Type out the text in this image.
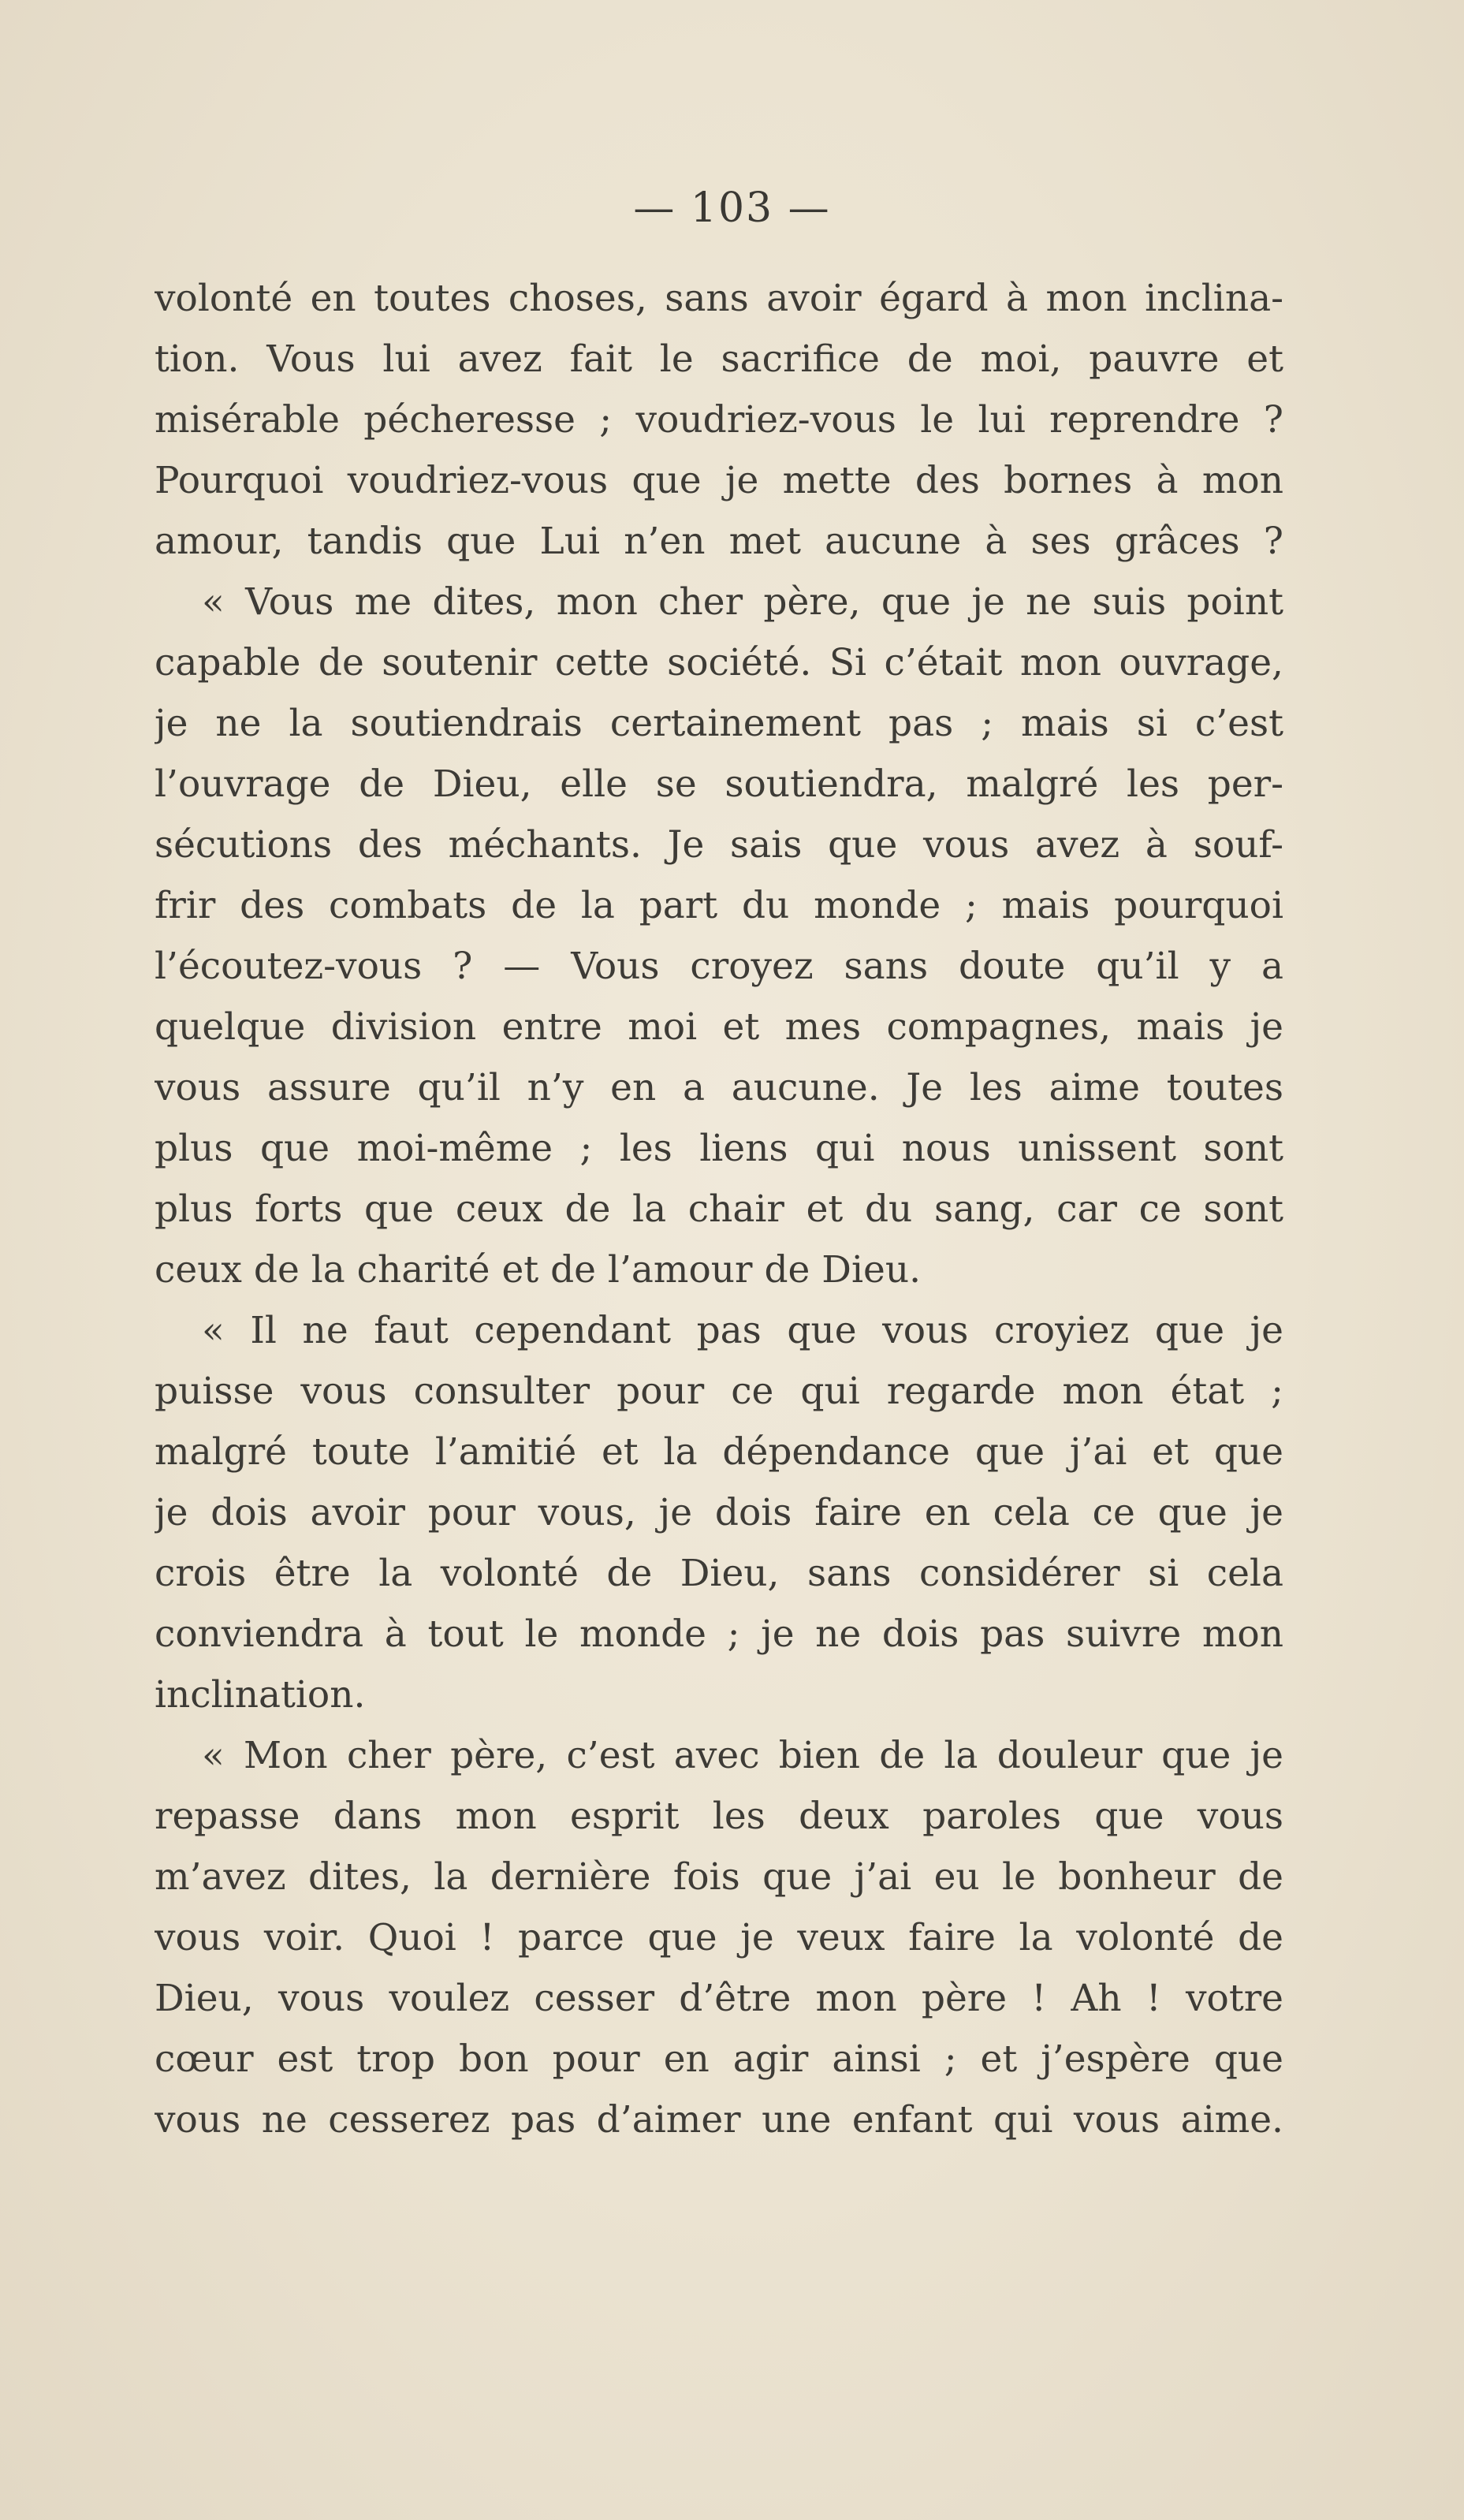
— 103 —
volonté en toutes choses, sans avoir égard à mon inclina-
tion. Vous lui avez fait le sacrifice de moi, pauvre et
misérable pécheresse ; voudriez-vous le lui reprendre ?
Pourquoi voudriez-vous que je mette des bornes à mon
amour, tandis que Lui n’en met aucune à ses grâces ?
« Vous me dites, mon cher père, que je ne suis point
capable de soutenir cette société. Si c’était mon ouvrage,
je ne la soutiendrais certainement pas ; mais si c’est
l’ouvrage de Dieu, elle se soutiendra, malgré les per-
sécutions des méchants. Je sais que vous avez à souf-
frir des combats de la part du monde ; mais pourquoi
l’écoutez-vous ? — Vous croyez sans doute qu’il y a
quelque division entre moi et mes compagnes, mais je
vous assure qu’il n’y en a aucune. Je les aime toutes
plus que moi-même ; les liens qui nous unissent sont
plus forts que ceux de la chair et du sang, car ce sont
ceux de la charité et de l’amour de Dieu.
« Il ne faut cependant pas que vous croyiez que je
puisse vous consulter pour ce qui regarde mon état ;
malgré toute l’amitié et la dépendance que j’ai et que
je dois avoir pour vous, je dois faire en cela ce que je
crois être la volonté de Dieu, sans considérer si cela
conviendra à tout le monde ; je ne dois pas suivre mon
inclination.
« Mon cher père, c’est avec bien de la douleur que je
repasse dans mon esprit les deux paroles que vous
m’avez dites, la dernière fois que j’ai eu le bonheur de
vous voir. Quoi ! parce que je veux faire la volonté de
Dieu, vous voulez cesser d’être mon père ! Ah ! votre
cœur est trop bon pour en agir ainsi ; et j’espère que
vous ne cesserez pas d’aimer une enfant qui vous aime.
